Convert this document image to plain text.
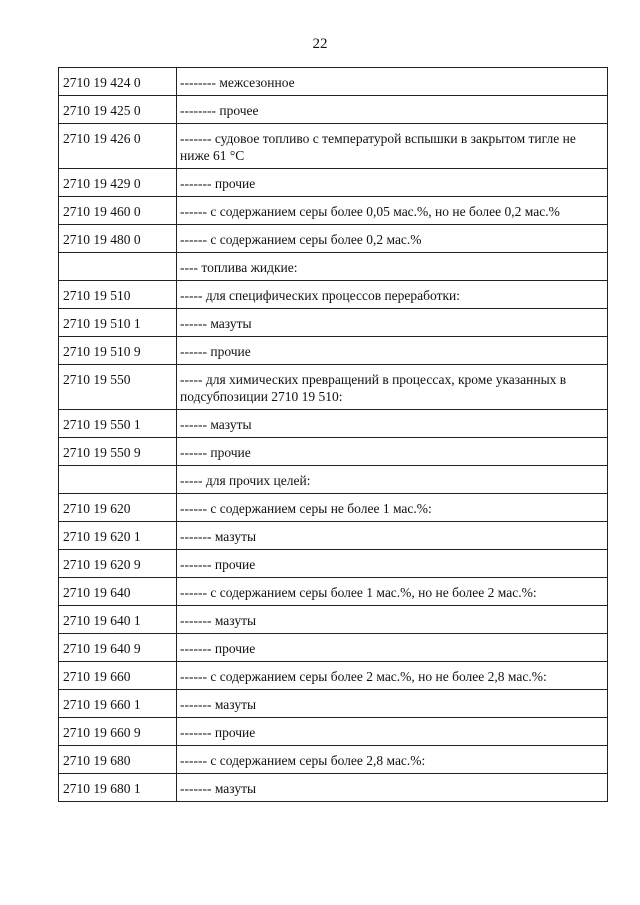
22
2710 19 424 0	-------- межсезонное
2710 19 425 0	-------- прочее
2710 19 426 0	------- судовое топливо с температурой вспышки в закрытом тигле не ниже 61 °С
2710 19 429 0	------- прочие
2710 19 460 0	------ с содержанием серы более 0,05 мас.%, но не более 0,2 мас.%
2710 19 480 0	------ с содержанием серы более 0,2 мас.%
	---- топлива жидкие:
2710 19 510	----- для специфических процессов переработки:
2710 19 510 1	------ мазуты
2710 19 510 9	------ прочие
2710 19 550	----- для химических превращений в процессах, кроме указанных в подсубпозиции 2710 19 510:
2710 19 550 1	------ мазуты
2710 19 550 9	------ прочие
	----- для прочих целей:
2710 19 620	------ с содержанием серы не более 1 мас.%:
2710 19 620 1	------- мазуты
2710 19 620 9	------- прочие
2710 19 640	------ с содержанием серы более 1 мас.%, но не более 2 мас.%:
2710 19 640 1	------- мазуты
2710 19 640 9	------- прочие
2710 19 660	------ с содержанием серы более 2 мас.%, но не более 2,8 мас.%:
2710 19 660 1	------- мазуты
2710 19 660 9	------- прочие
2710 19 680	------ с содержанием серы более 2,8 мас.%:
2710 19 680 1	------- мазуты
